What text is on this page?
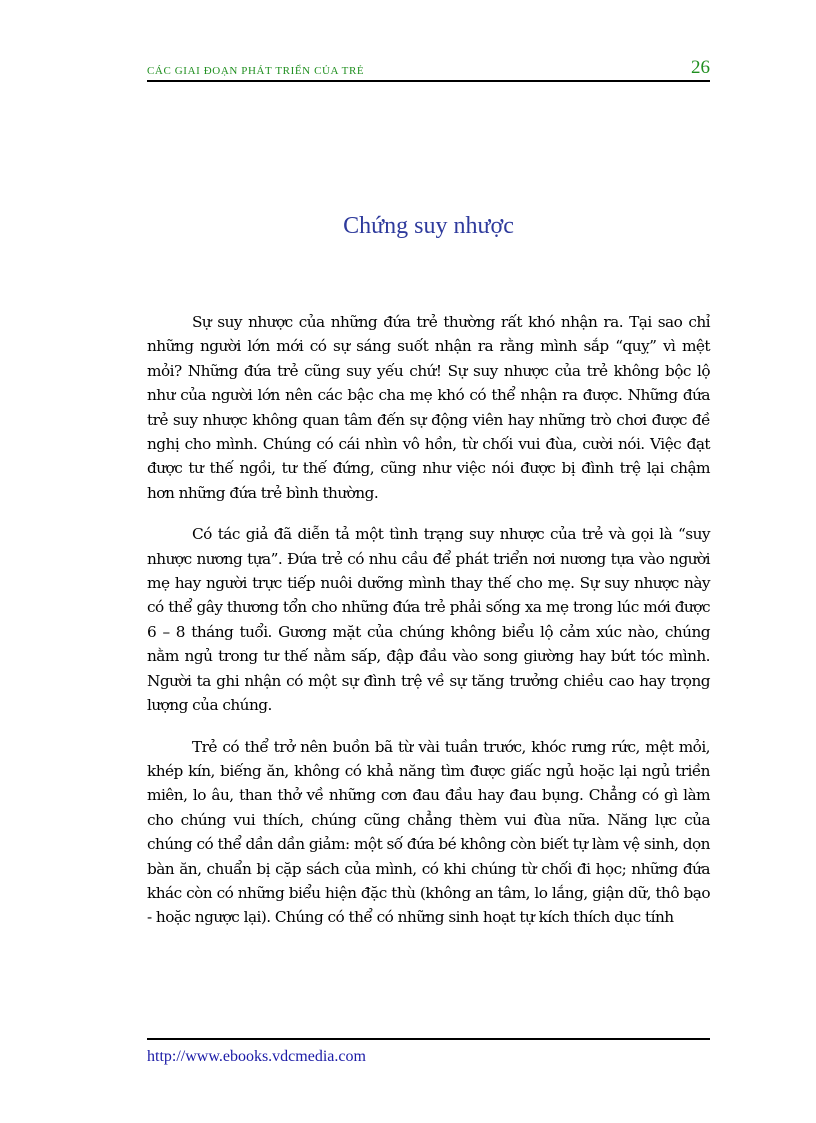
CÁC GIAI ĐOẠN PHÁT TRIỂN CỦA TRẺ	26
Chứng suy nhược

Sự suy nhược của những đứa trẻ thường rất khó nhận ra. Tại sao chỉ những người lớn mới có sự sáng suốt nhận ra rằng mình sắp “quỵ” vì mệt mỏi? Những đứa trẻ cũng suy yếu chứ! Sự suy nhược của trẻ không bộc lộ như của người lớn nên các bậc cha mẹ khó có thể nhận ra được. Những đứa trẻ suy nhược không quan tâm đến sự động viên hay những trò chơi được đề nghị cho mình. Chúng có cái nhìn vô hồn, từ chối vui đùa, cười nói. Việc đạt được tư thế ngồi, tư thế đứng, cũng như việc nói được bị đình trệ lại chậm hơn những đứa trẻ bình thường.

Có tác giả đã diễn tả một tình trạng suy nhược của trẻ và gọi là “suy nhược nương tựa”. Đứa trẻ có nhu cầu để phát triển nơi nương tựa vào người mẹ hay người trực tiếp nuôi dưỡng mình thay thế cho mẹ. Sự suy nhược này có thể gây thương tổn cho những đứa trẻ phải sống xa mẹ trong lúc mới được 6 – 8 tháng tuổi. Gương mặt của chúng không biểu lộ cảm xúc nào, chúng nằm ngủ trong tư thế nằm sấp, đập đầu vào song giường hay bứt tóc mình. Người ta ghi nhận có một sự đình trệ về sự tăng trưởng chiều cao hay trọng lượng của chúng.

Trẻ có thể trở nên buồn bã từ vài tuần trước, khóc rưng rức, mệt mỏi, khép kín, biếng ăn, không có khả năng tìm được giấc ngủ hoặc lại ngủ triền miên, lo âu, than thở về những cơn đau đầu hay đau bụng. Chẳng có gì làm cho chúng vui thích, chúng cũng chẳng thèm vui đùa nữa. Năng lực của chúng có thể dần dần giảm: một số đứa bé không còn biết tự làm vệ sinh, dọn bàn ăn, chuẩn bị cặp sách của mình, có khi chúng từ chối đi học; những đứa khác còn có những biểu hiện đặc thù (không an tâm, lo lắng, giận dữ, thô bạo - hoặc ngược lại). Chúng có thể có những sinh hoạt tự kích thích dục tính

http://www.ebooks.vdcmedia.com
